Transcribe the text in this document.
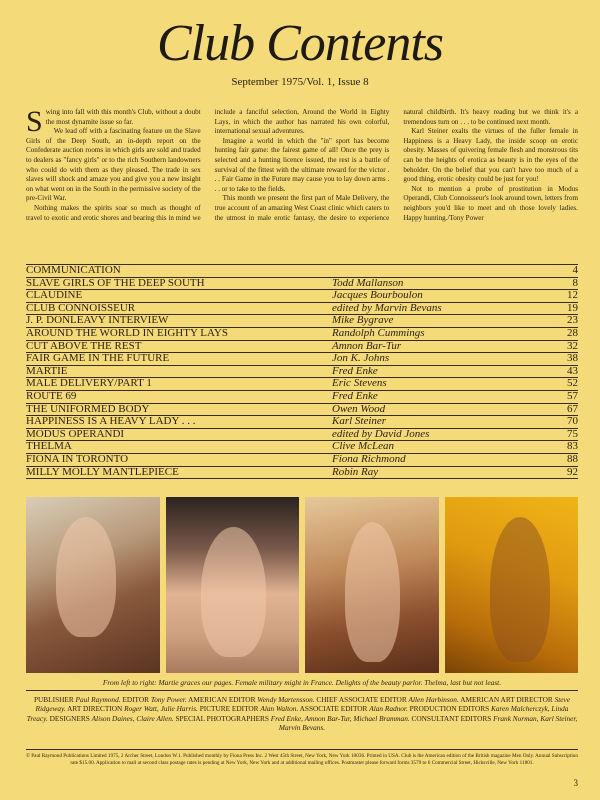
Club Contents
September 1975/Vol. 1, Issue 8

Swing into fall with this month's Club, without a doubt the most dynamite issue so far.

We lead off with a fascinating feature on the Slave Girls of the Deep South, an in-depth report on the Confederate auction rooms in which girls are sold and traded to dealers as "fancy girls" or to the rich Southern landowners who could do with them as they pleased. The trade in sex slaves will shock and amaze you and give you a new insight on what went on in the South in the permissive society of the pre-Civil War.

Nothing makes the spirits soar so much as thought of travel to exotic and erotic shores and bearing this in mind we include a fanciful selection, Around the World in Eighty Lays, in which the author has narrated his own colorful, international sexual adventures.

Imagine a world in which the "in" sport has become hunting fair game: the fairest game of all! Once the prey is selected and a hunting licence issued, the rest is a battle of survival of the fittest with the ultimate reward for the victor . . . Fair Game in the Future may cause you to lay down arms . . . or to take to the fields.

This month we present the first part of Male Delivery, the true account of an amazing West Coast clinic which caters to the utmost in male erotic fantasy, the desire to experience natural childbirth. It's heavy reading but we think it's a tremendous turn on . . . to be continued next month.

Karl Steiner exalts the virtues of the fuller female in Happiness is a Heavy Lady, the inside scoop on erotic obesity. Masses of quivering female flesh and monstrous tits can be the heights of erotica as beauty is in the eyes of the beholder. On the belief that you can't have too much of a good thing, erotic obesity could be just for you!

Not to mention a probe of prostitution in Modus Operandi, Club Connoisseur's look around town, letters from neighbors you'd like to meet and oh those lovely ladies. Happy hunting./Tony Power

COMMUNICATION	4
SLAVE GIRLS OF THE DEEP SOUTH	Todd Mallanson	8
CLAUDINE	Jacques Bourboulon	12
CLUB CONNOISSEUR	edited by Marvin Bevans	19
J. P. DONLEAVY INTERVIEW	Mike Bygrave	23
AROUND THE WORLD IN EIGHTY LAYS	Randolph Cummings	28
CUT ABOVE THE REST	Amnon Bar-Tur	32
FAIR GAME IN THE FUTURE	Jon K. Johns	38
MARTIE	Fred Enke	43
MALE DELIVERY/PART 1	Eric Stevens	52
ROUTE 69	Fred Enke	57
THE UNIFORMED BODY	Owen Wood	67
HAPPINESS IS A HEAVY LADY . . .	Karl Steiner	70
MODUS OPERANDI	edited by David Jones	75
THELMA	Clive McLean	83
FIONA IN TORONTO	Fiona Richmond	88
MILLY MOLLY MANTLEPIECE	Robin Ray	92
From left to right: Martie graces our pages. Female military might in France. Delights of the beauty parlor. Thelma, last but not least.
PUBLISHER Paul Raymond. EDITOR Tony Power. AMERICAN EDITOR Wendy Martensson. CHIEF ASSOCIATE EDITOR Allen Harbinson. AMERICAN ART DIRECTOR Steve Ridgeway. ART DIRECTION Roger Watt, Julie Harris. PICTURE EDITOR Alan Walton. ASSOCIATE EDITOR Alan Radnor. PRODUCTION EDITORS Karen Malcherczyk, Linda Treacy. DESIGNERS Alison Daines, Claire Allen. SPECIAL PHOTOGRAPHERS Fred Enke, Amnon Bar-Tur, Michael Bramman. CONSULTANT EDITORS Frank Norman, Karl Steiner, Marvin Bevans.
© Paul Raymond Publications Limited 1975, 2 Archer Street, London W.1. Published monthly by Fiona Press Inc. 2 West 45th Street, New York, New York 10036. Printed in USA. Club is the American edition of the British magazine Men Only. Annual Subscription rate $15.00. Application to mail at second class postage rates is pending at New York, New York and at additional mailing offices. Postmaster please forward forms 3579 to 6 Commercial Street, Hicksville, New York 11801.
3
